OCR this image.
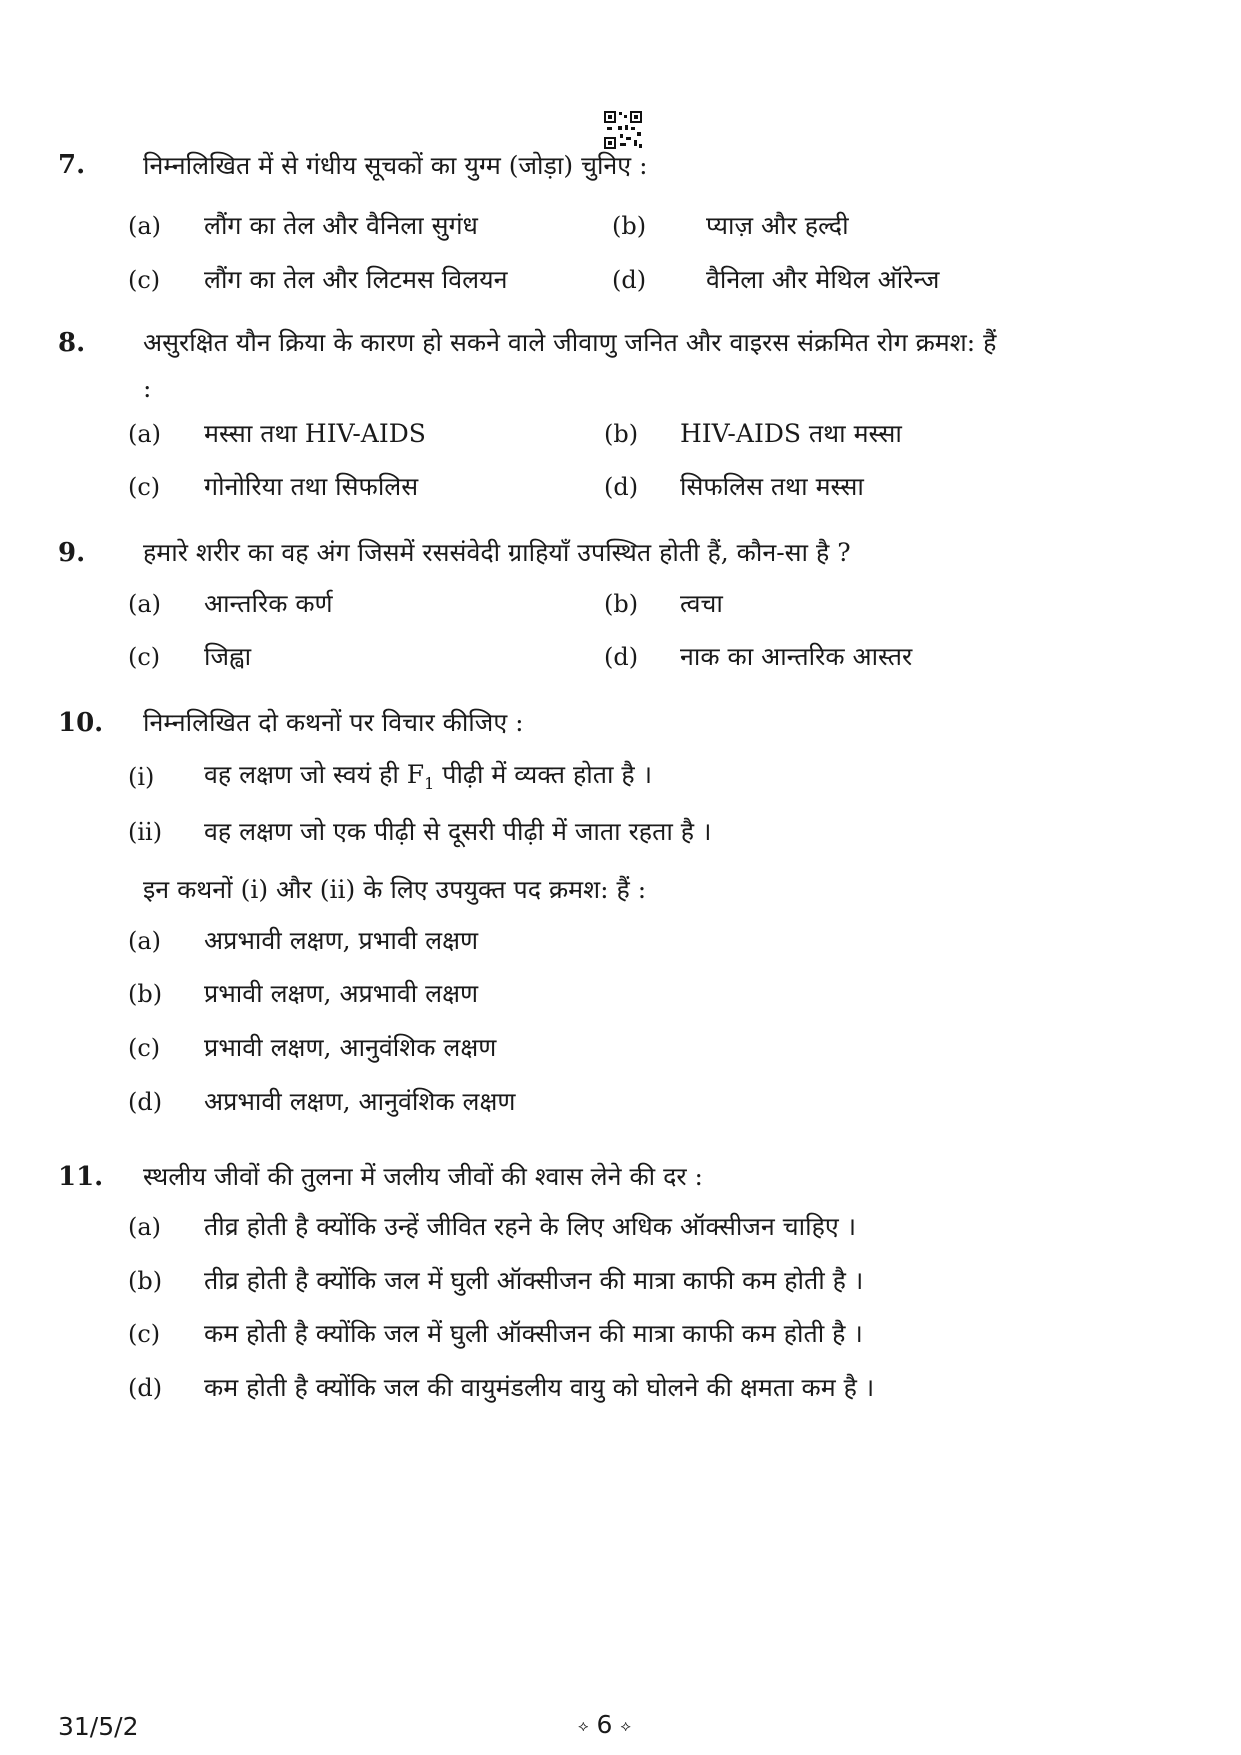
7. निम्नलिखित में से गंधीय सूचकों का युग्म (जोड़ा) चुनिए :
(a) लौंग का तेल और वैनिला सुगंध	(b) प्याज़ और हल्दी
(c) लौंग का तेल और लिटमस विलयन	(d) वैनिला और मेथिल ऑरेन्ज
8. असुरक्षित यौन क्रिया के कारण हो सकने वाले जीवाणु जनित और वाइरस संक्रमित रोग क्रमश: हैं :
(a) मस्सा तथा HIV-AIDS	(b) HIV-AIDS तथा मस्सा
(c) गोनोरिया तथा सिफलिस	(d) सिफलिस तथा मस्सा
9. हमारे शरीर का वह अंग जिसमें रससंवेदी ग्राहियाँ उपस्थित होती हैं, कौन-सा है ?
(a) आन्तरिक कर्ण	(b) त्वचा
(c) जिह्वा	(d) नाक का आन्तरिक आस्तर
10. निम्नलिखित दो कथनों पर विचार कीजिए :
(i) वह लक्षण जो स्वयं ही $F_1$ पीढ़ी में व्यक्त होता है ।
(ii) वह लक्षण जो एक पीढ़ी से दूसरी पीढ़ी में जाता रहता है ।
इन कथनों (i) और (ii) के लिए उपयुक्त पद क्रमश: हैं :
(a) अप्रभावी लक्षण, प्रभावी लक्षण
(b) प्रभावी लक्षण, अप्रभावी लक्षण
(c) प्रभावी लक्षण, आनुवंशिक लक्षण
(d) अप्रभावी लक्षण, आनुवंशिक लक्षण
11. स्थलीय जीवों की तुलना में जलीय जीवों की श्वास लेने की दर :
(a) तीव्र होती है क्योंकि उन्हें जीवित रहने के लिए अधिक ऑक्सीजन चाहिए ।
(b) तीव्र होती है क्योंकि जल में घुली ऑक्सीजन की मात्रा काफी कम होती है ।
(c) कम होती है क्योंकि जल में घुली ऑक्सीजन की मात्रा काफी कम होती है ।
(d) कम होती है क्योंकि जल की वायुमंडलीय वायु को घोलने की क्षमता कम है ।
31/5/2	⟡ 6 ⟡
